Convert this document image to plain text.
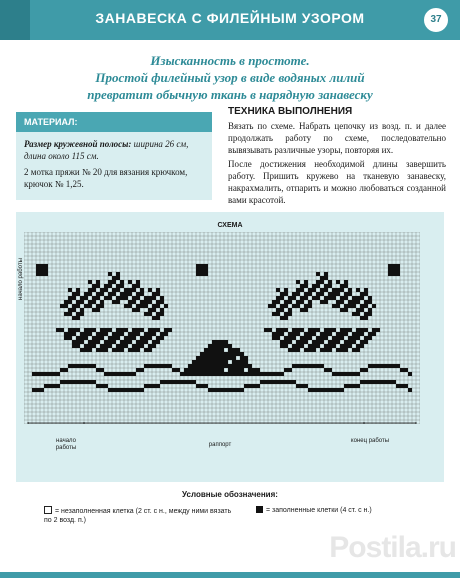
ЗАНАВЕСКА С ФИЛЕЙНЫМ УЗОРОМ	37
Изысканность в простоте.
Простой филейный узор в виде водяных лилий
превратит обычную ткань в нарядную занавеску
МАТЕРИАЛ:
Размер кружевной полосы: ширина 26 см,
длина около 115 см.
2 мотка пряжи № 20 для вязания крючком,
крючок № 1,25.
ТЕХНИКА ВЫПОЛНЕНИЯ

Вязать по схеме. Набрать цепочку из возд. п. и далее продолжать работу по схеме, последовательно вывязывать различные узоры, повторяя их.

После достижения необходимой длины завершить работу. Пришить кружево на тканевую занавеску, накрахмалить, отпарить и можно любоваться созданной вами красотой.

СХЕМА
начало работы
начало работы	раппорт
конец работы
Условные обозначения:
= незаполненная клетка (2 ст. с н., между ними вязать по 2 возд. п.)
= заполненные клетки (4 ст. с н.)
Postila.ru
